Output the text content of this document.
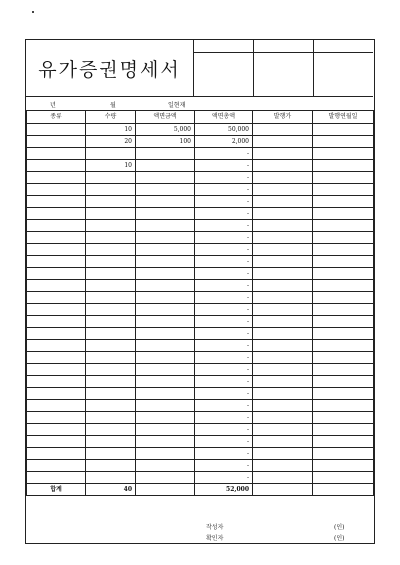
유가증권명세서
년	월	일현재
종류	수량	액면금액	액면총액	발행가	발행연월일
	10	5,000	50,000		
	20	100	2,000		
			-		
	10		-		
			-		
			-		
			-		
			-		
			-		
			-		
			-		
			-		
			-		
			-		
			-		
			-		
			-		
			-		
			-		
			-		
			-		
			-		
			-		
			-		
			-		
			-		
			-		
			-		
			-		
			-		
합계	40		52,000		
작성자	(인)
확인자	(인)
